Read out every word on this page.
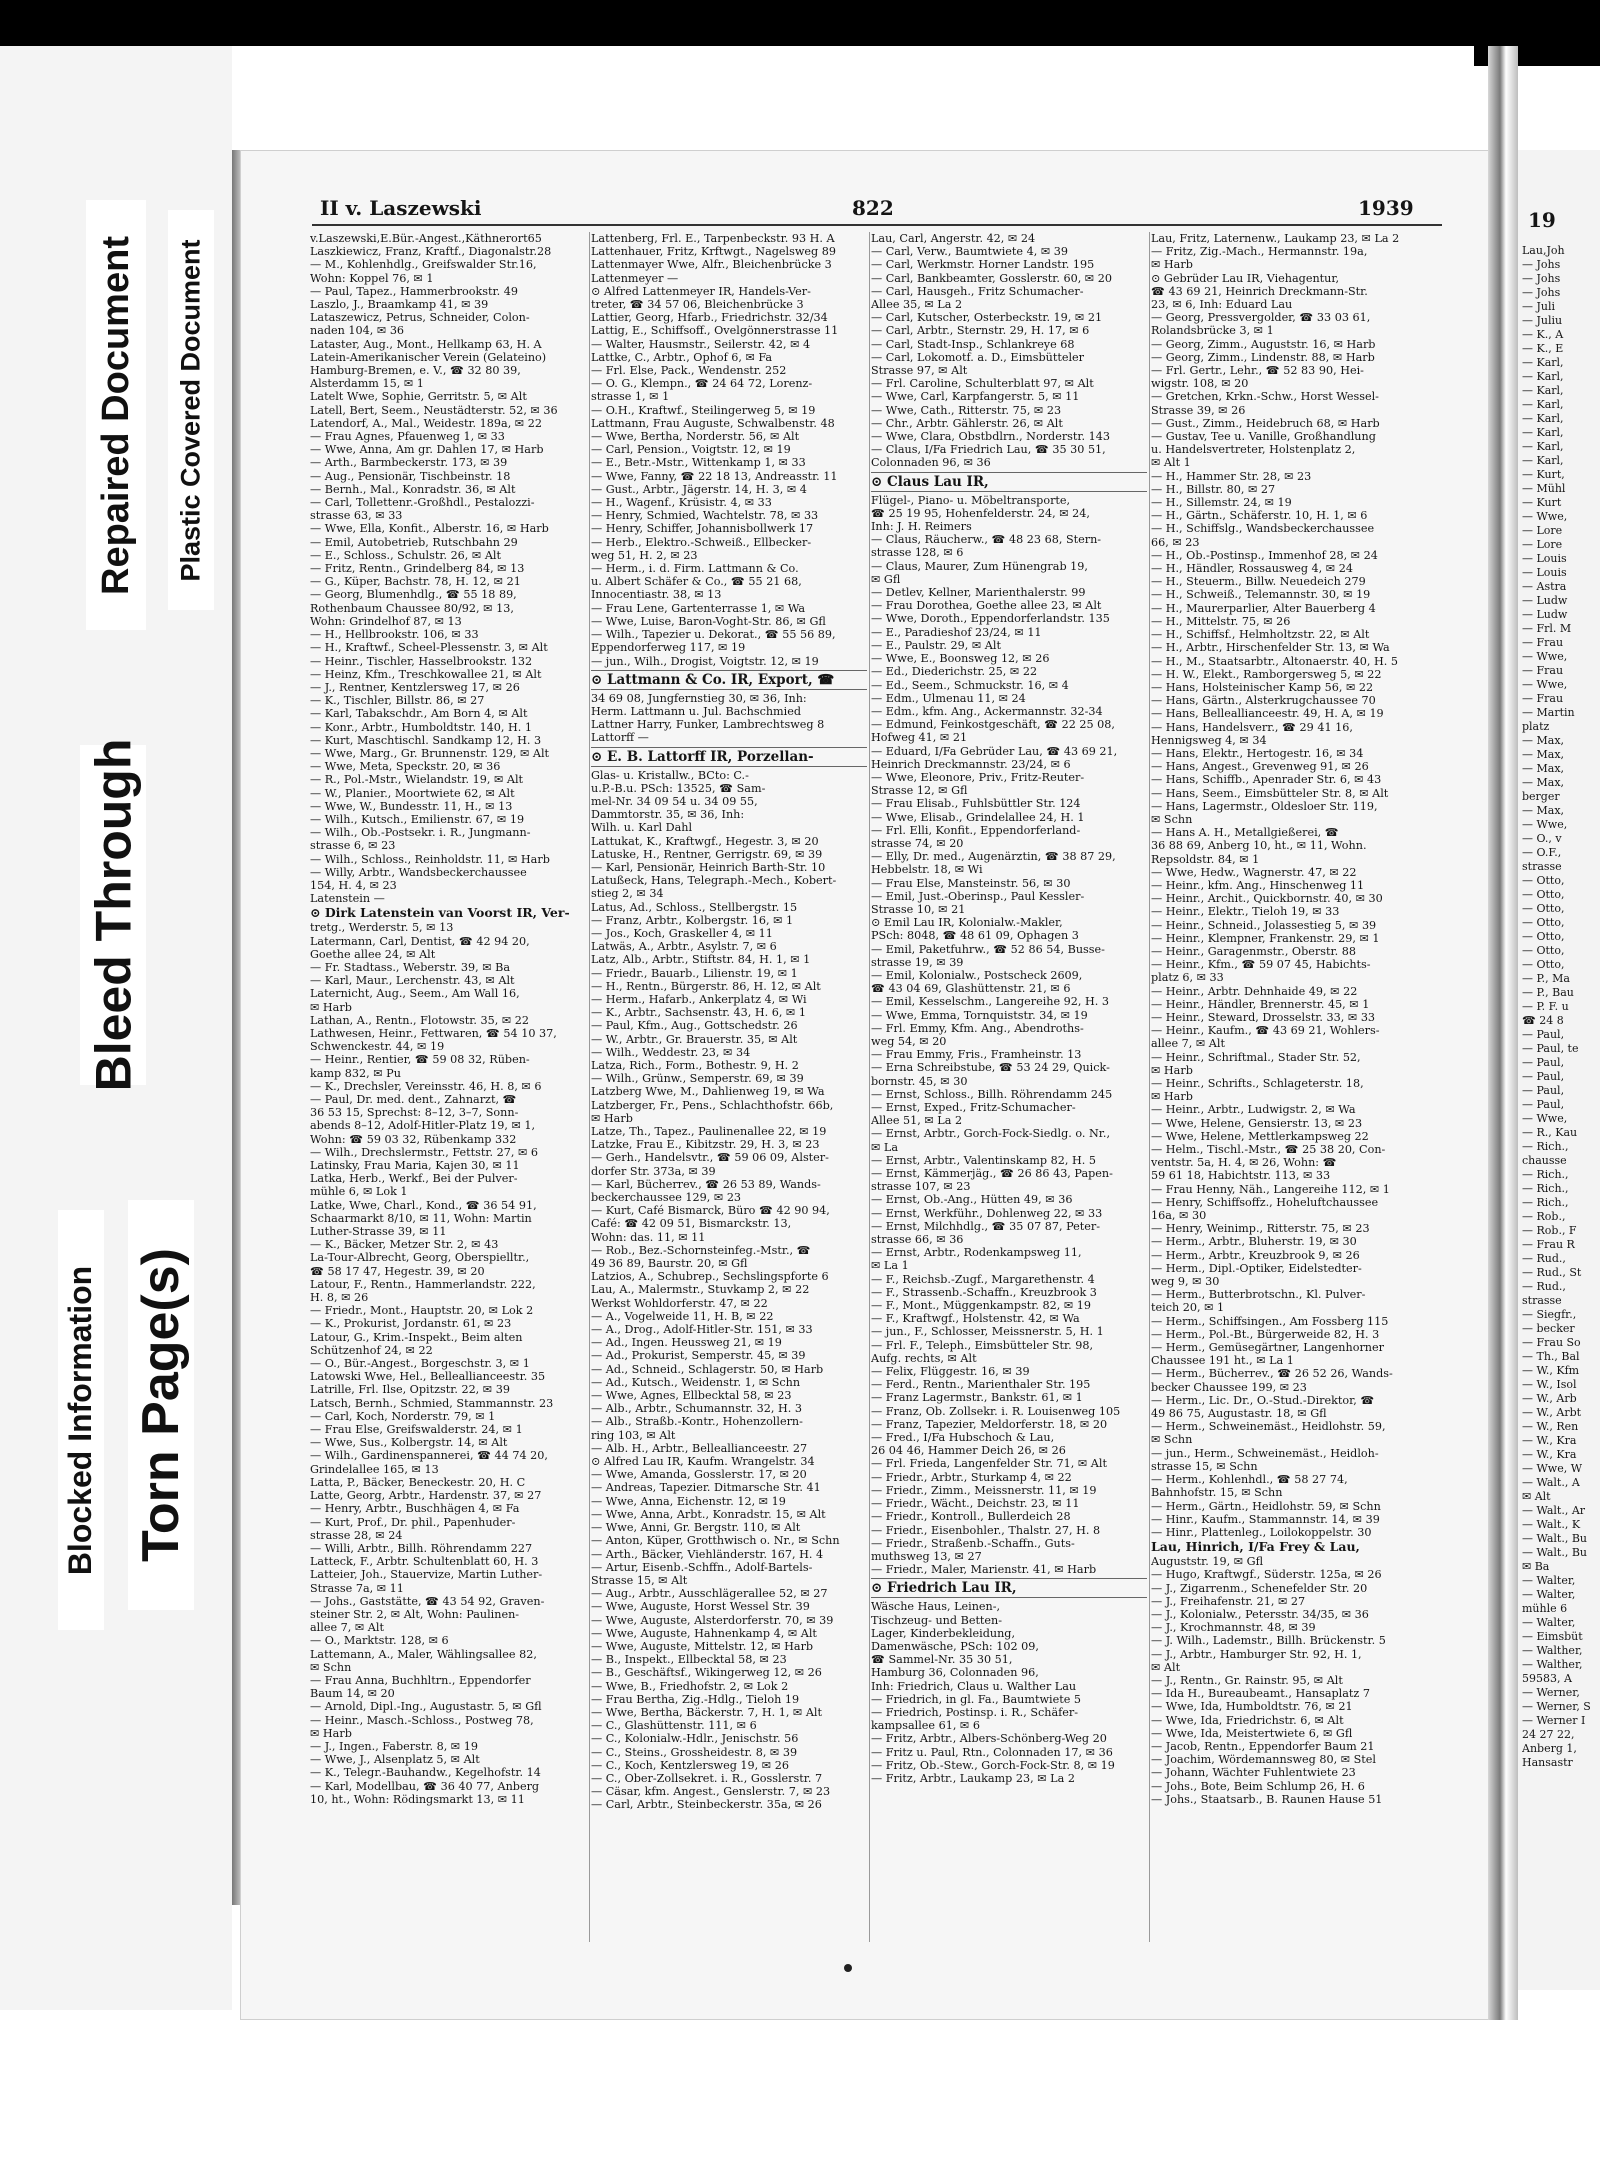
Repaired Document Plastic Covered Document
Bleed Through
Blocked Information Torn Page(s)
II v. Laszewski	822	1939
v.Laszewski,E.Bür.-Angest.,Käthnerort65
Laszkiewicz, Franz, Kraftf., Diagonalstr.28
— M., Kohlenhdlg., Greifswalder Str.16,
Wohn: Koppel 76, ✉ 1
— Paul, Tapez., Hammerbrookstr. 49
Laszlo, J., Braamkamp 41, ✉ 39
Lataszewicz, Petrus, Schneider, Colon-
naden 104, ✉ 36
Lataster, Aug., Mont., Hellkamp 63, H. A
Latein-Amerikanischer Verein (Gelateino)
Hamburg-Bremen, e. V., ☎ 32 80 39,
Alsterdamm 15, ✉ 1
Latelt Wwe, Sophie, Gerritstr. 5, ✉ Alt
Latell, Bert, Seem., Neustädterstr. 52, ✉ 36
Latendorf, A., Mal., Weidestr. 189a, ✉ 22
— Frau Agnes, Pfauenweg 1, ✉ 33
— Wwe, Anna, Am gr. Dahlen 17, ✉ Harb
— Arth., Barmbeckerstr. 173, ✉ 39
— Aug., Pensionär, Tischbeinstr. 18
— Bernh., Mal., Konradstr. 36, ✉ Alt
— Carl, Tollettenr.-Großhdl., Pestalozzi-
strasse 63, ✉ 33
— Wwe, Ella, Konfit., Alberstr. 16, ✉ Harb
— Emil, Autobetrieb, Rutschbahn 29
— E., Schloss., Schulstr. 26, ✉ Alt
— Fritz, Rentn., Grindelberg 84, ✉ 13
— G., Küper, Bachstr. 78, H. 12, ✉ 21
— Georg, Blumenhdlg., ☎ 55 18 89,
Rothenbaum Chaussee 80/92, ✉ 13,
Wohn: Grindelhof 87, ✉ 13
— H., Hellbrookstr. 106, ✉ 33
— H., Kraftwf., Scheel-Plessenstr. 3, ✉ Alt
— Heinr., Tischler, Hasselbrookstr. 132
— Heinz, Kfm., Treschkowallee 21, ✉ Alt
— J., Rentner, Kentzlersweg 17, ✉ 26
— K., Tischler, Billstr. 86, ✉ 27
— Karl, Tabakschdr., Am Born 4, ✉ Alt
— Konr., Arbtr., Humboldtstr. 140, H. 1
— Kurt, Maschtischl. Sandkamp 12, H. 3
— Wwe, Marg., Gr. Brunnenstr. 129, ✉ Alt
— Wwe, Meta, Speckstr. 20, ✉ 36
— R., Pol.-Mstr., Wielandstr. 19, ✉ Alt
— W., Planier., Moortwiete 62, ✉ Alt
— Wwe, W., Bundesstr. 11, H., ✉ 13
— Wilh., Kutsch., Emilienstr. 67, ✉ 19
— Wilh., Ob.-Postsekr. i. R., Jungmann-
strasse 6, ✉ 23
— Wilh., Schloss., Reinholdstr. 11, ✉ Harb
— Willy, Arbtr., Wandsbeckerchaussee
154, H. 4, ✉ 23
Latenstein —
⊙ Dirk Latenstein van Voorst IR, Ver-
tretg., Werderstr. 5, ✉ 13
Latermann, Carl, Dentist, ☎ 42 94 20,
Goethe allee 24, ✉ Alt
— Fr. Stadtass., Weberstr. 39, ✉ Ba
— Karl, Maur., Lerchenstr. 43, ✉ Alt
Laternicht, Aug., Seem., Am Wall 16,
✉ Harb
Lathan, A., Rentn., Flotowstr. 35, ✉ 22
Lathwesen, Heinr., Fettwaren, ☎ 54 10 37,
Schwenckestr. 44, ✉ 19
— Heinr., Rentier, ☎ 59 08 32, Rüben-
kamp 832, ✉ Pu
— K., Drechsler, Vereinsstr. 46, H. 8, ✉ 6
— Paul, Dr. med. dent., Zahnarzt, ☎
36 53 15, Sprechst: 8–12, 3–7, Sonn-
abends 8–12, Adolf-Hitler-Platz 19, ✉ 1,
Wohn: ☎ 59 03 32, Rübenkamp 332
— Wilh., Drechslermstr., Fettstr. 27, ✉ 6
Latinsky, Frau Maria, Kajen 30, ✉ 11
Latka, Herb., Werkf., Bei der Pulver-
mühle 6, ✉ Lok 1
Latke, Wwe, Charl., Kond., ☎ 36 54 91,
Schaarmarkt 8/10, ✉ 11, Wohn: Martin
Luther-Strasse 39, ✉ 11
— K., Bäcker, Metzer Str. 2, ✉ 43
La-Tour-Albrecht, Georg, Oberspielltr.,
☎ 58 17 47, Hegestr. 39, ✉ 20
Latour, F., Rentn., Hammerlandstr. 222,
H. 8, ✉ 26
— Friedr., Mont., Hauptstr. 20, ✉ Lok 2
— K., Prokurist, Jordanstr. 61, ✉ 23
Latour, G., Krim.-Inspekt., Beim alten
Schützenhof 24, ✉ 22
— O., Bür.-Angest., Borgeschstr. 3, ✉ 1
Latowski Wwe, Hel., Belleallianceestr. 35
Latrille, Frl. Ilse, Opitzstr. 22, ✉ 39
Latsch, Bernh., Schmied, Stammannstr. 23
— Carl, Koch, Norderstr. 79, ✉ 1
— Frau Else, Greifswalderstr. 24, ✉ 1
— Wwe, Sus., Kolbergstr. 14, ✉ Alt
— Wilh., Gardinenspannerei, ☎ 44 74 20,
Grindelallee 165, ✉ 13
Latta, P., Bäcker, Beneckestr. 20, H. C
Latte, Georg, Arbtr., Hardenstr. 37, ✉ 27
— Henry, Arbtr., Buschhägen 4, ✉ Fa
— Kurt, Prof., Dr. phil., Papenhuder-
strasse 28, ✉ 24
— Willi, Arbtr., Billh. Röhrendamm 227
Latteck, F., Arbtr. Schultenblatt 60, H. 3
Latteier, Joh., Stauervize, Martin Luther-
Strasse 7a, ✉ 11
— Johs., Gaststätte, ☎ 43 54 92, Graven-
steiner Str. 2, ✉ Alt, Wohn: Paulinen-
allee 7, ✉ Alt
— O., Marktstr. 128, ✉ 6
Lattemann, A., Maler, Wählingsallee 82,
✉ Schn
— Frau Anna, Buchhltrn., Eppendorfer
Baum 14, ✉ 20
— Arnold, Dipl.-Ing., Augustastr. 5, ✉ Gfl
— Heinr., Masch.-Schloss., Postweg 78,
✉ Harb
— J., Ingen., Faberstr. 8, ✉ 19
— Wwe, J., Alsenplatz 5, ✉ Alt
— K., Telegr.-Bauhandw., Kegelhofstr. 14
— Karl, Modellbau, ☎ 36 40 77, Anberg
10, ht., Wohn: Rödingsmarkt 13, ✉ 11
Lattenberg, Frl. E., Tarpenbeckstr. 93 H. A
Lattenhauer, Fritz, Krftwgt., Nagelsweg 89
Lattenmayer Wwe, Alfr., Bleichenbrücke 3
Lattenmeyer —
⊙ Alfred Lattenmeyer IR, Handels-Ver-
treter, ☎ 34 57 06, Bleichenbrücke 3
Lattier, Georg, Hfarb., Friedrichstr. 32/34
Lattig, E., Schiffsoff., Ovelgönnerstrasse 11
— Walter, Hausmstr., Seilerstr. 42, ✉ 4
Lattke, C., Arbtr., Ophof 6, ✉ Fa
— Frl. Else, Pack., Wendenstr. 252
— O. G., Klempn., ☎ 24 64 72, Lorenz-
strasse 1, ✉ 1
— O.H., Kraftwf., Steilingerweg 5, ✉ 19
Lattmann, Frau Auguste, Schwalbenstr. 48
— Wwe, Bertha, Norderstr. 56, ✉ Alt
— Carl, Pension., Voigtstr. 12, ✉ 19
— E., Betr.-Mstr., Wittenkamp 1, ✉ 33
— Wwe, Fanny, ☎ 22 18 13, Andreasstr. 11
— Gust., Arbtr., Jägerstr. 14, H. 3, ✉ 4
— H., Wagenf., Krüsistr. 4, ✉ 33
— Henry, Schmied, Wachtelstr. 78, ✉ 33
— Henry, Schiffer, Johannisbollwerk 17
— Herb., Elektro.-Schweiß., Ellbecker-
weg 51, H. 2, ✉ 23
— Herm., i. d. Firm. Lattmann & Co.
u. Albert Schäfer & Co., ☎ 55 21 68,
Innocentiastr. 38, ✉ 13
— Frau Lene, Gartenterrasse 1, ✉ Wa
— Wwe, Luise, Baron-Voght-Str. 86, ✉ Gfl
— Wilh., Tapezier u. Dekorat., ☎ 55 56 89,
Eppendorferweg 117, ✉ 19
— jun., Wilh., Drogist, Voigtstr. 12, ✉ 19
⊙ Lattmann & Co. IR, Export, ☎
34 69 08, Jungfernstieg 30, ✉ 36, Inh:
Herm. Lattmann u. Jul. Bachschmied
Lattner Harry, Funker, Lambrechtsweg 8
Lattorff —
⊙ E. B. Lattorff IR, Porzellan-
Glas- u. Kristallw., BCto: C.-
u.P.-B.u. PSch: 13525, ☎ Sam-
mel-Nr. 34 09 54 u. 34 09 55,
Dammtorstr. 35, ✉ 36, Inh:
Wilh. u. Karl Dahl
Lattukat, K., Kraftwgf., Hegestr. 3, ✉ 20
Latuske, H., Rentner, Gerrigstr. 69, ✉ 39
— Karl, Pensionär, Heinrich Barth-Str. 10
Latußeck, Hans, Telegraph.-Mech., Kobert-
stieg 2, ✉ 34
Latus, Ad., Schloss., Stellbergstr. 15
— Franz, Arbtr., Kolbergstr. 16, ✉ 1
— Jos., Koch, Graskeller 4, ✉ 11
Latwäs, A., Arbtr., Asylstr. 7, ✉ 6
Latz, Alb., Arbtr., Stiftstr. 84, H. 1, ✉ 1
— Friedr., Bauarb., Lilienstr. 19, ✉ 1
— H., Rentn., Bürgerstr. 86, H. 12, ✉ Alt
— Herm., Hafarb., Ankerplatz 4, ✉ Wi
— K., Arbtr., Sachsenstr. 43, H. 6, ✉ 1
— Paul, Kfm., Aug., Gottschedstr. 26
— W., Arbtr., Gr. Brauerstr. 35, ✉ Alt
— Wilh., Weddestr. 23, ✉ 34
Latza, Rich., Form., Bothestr. 9, H. 2
— Wilh., Grünw., Semperstr. 69, ✉ 39
Latzberg Wwe, M., Dahlienweg 19, ✉ Wa
Latzberger, Fr., Pens., Schlachthofstr. 66b,
✉ Harb
Latze, Th., Tapez., Paulinenallee 22, ✉ 19
Latzke, Frau E., Kibitzstr. 29, H. 3, ✉ 23
— Gerh., Handelsvtr., ☎ 59 06 09, Alster-
dorfer Str. 373a, ✉ 39
— Karl, Bücherrev., ☎ 26 53 89, Wands-
beckerchaussee 129, ✉ 23
— Kurt, Café Bismarck, Büro ☎ 42 90 94,
Café: ☎ 42 09 51, Bismarckstr. 13,
Wohn: das. 11, ✉ 11
— Rob., Bez.-Schornsteinfeg.-Mstr., ☎
49 36 89, Baurstr. 20, ✉ Gfl
Latzios, A., Schubrep., Sechslingspforte 6
Lau, A., Malermstr., Stuvkamp 2, ✉ 22
Werkst Wohldorferstr. 47, ✉ 22
— A., Vogelweide 11, H. B, ✉ 22
— A., Drog., Adolf-Hitler-Str. 151, ✉ 33
— Ad., Ingen. Heussweg 21, ✉ 19
— Ad., Prokurist, Semperstr. 45, ✉ 39
— Ad., Schneid., Schlagerstr. 50, ✉ Harb
— Ad., Kutsch., Weidenstr. 1, ✉ Schn
— Wwe, Agnes, Ellbecktal 58, ✉ 23
— Alb., Arbtr., Schumannstr. 32, H. 3
— Alb., Straßb.-Kontr., Hohenzollern-
ring 103, ✉ Alt
— Alb. H., Arbtr., Belleallianceestr. 27
⊙ Alfred Lau IR, Kaufm. Wrangelstr. 34
— Wwe, Amanda, Gosslerstr. 17, ✉ 20
— Andreas, Tapezier. Ditmarsche Str. 41
— Wwe, Anna, Eichenstr. 12, ✉ 19
— Wwe, Anna, Arbt., Konradstr. 15, ✉ Alt
— Wwe, Anni, Gr. Bergstr. 110, ✉ Alt
— Anton, Küper, Grotthwisch o. Nr., ✉ Schn
— Arth., Bäcker, Viehländerstr. 167, H. 4
— Artur, Eisenb.-Schffn., Adolf-Bartels-
Strasse 15, ✉ Alt
— Aug., Arbtr., Ausschlägerallee 52, ✉ 27
— Wwe, Auguste, Horst Wessel Str. 39
— Wwe, Auguste, Alsterdorferstr. 70, ✉ 39
— Wwe, Auguste, Hahnenkamp 4, ✉ Alt
— Wwe, Auguste, Mittelstr. 12, ✉ Harb
— B., Inspekt., Ellbecktal 58, ✉ 23
— B., Geschäftsf., Wikingerweg 12, ✉ 26
— Wwe, B., Friedhofstr. 2, ✉ Lok 2
— Frau Bertha, Zig.-Hdlg., Tieloh 19
— Wwe, Bertha, Bäckerstr. 7, H. 1, ✉ Alt
— C., Glashüttenstr. 111, ✉ 6
— C., Kolonialw.-Hdlr., Jenischstr. 56
— C., Steins., Grossheidestr. 8, ✉ 39
— C., Koch, Kentzlersweg 19, ✉ 26
— C., Ober-Zollsekret. i. R., Gosslerstr. 7
— Cäsar, kfm. Angest., Genslerstr. 7, ✉ 23
— Carl, Arbtr., Steinbeckerstr. 35a, ✉ 26
Lau, Carl, Angerstr. 42, ✉ 24
— Carl, Verw., Baumtwiete 4, ✉ 39
— Carl, Werkmstr. Horner Landstr. 195
— Carl, Bankbeamter, Gosslerstr. 60, ✉ 20
— Carl, Hausgeh., Fritz Schumacher-
Allee 35, ✉ La 2
— Carl, Kutscher, Osterbeckstr. 19, ✉ 21
— Carl, Arbtr., Sternstr. 29, H. 17, ✉ 6
— Carl, Stadt-Insp., Schlankreye 68
— Carl, Lokomotf. a. D., Eimsbütteler
Strasse 97, ✉ Alt
— Frl. Caroline, Schulterblatt 97, ✉ Alt
— Wwe, Carl, Karpfangerstr. 5, ✉ 11
— Wwe, Cath., Ritterstr. 75, ✉ 23
— Chr., Arbtr. Gählerstr. 26, ✉ Alt
— Wwe, Clara, Obstbdlrn., Norderstr. 143
— Claus, I/Fa Friedrich Lau, ☎ 35 30 51,
Colonnaden 96, ✉ 36
⊙ Claus Lau IR,
Flügel-, Piano- u. Möbeltransporte,
☎ 25 19 95, Hohenfelderstr. 24, ✉ 24,
Inh: J. H. Reimers
— Claus, Räucherw., ☎ 48 23 68, Stern-
strasse 128, ✉ 6
— Claus, Maurer, Zum Hünengrab 19,
✉ Gfl
— Detlev, Kellner, Marienthalerstr. 99
— Frau Dorothea, Goethe allee 23, ✉ Alt
— Wwe, Doroth., Eppendorferlandstr. 135
— E., Paradieshof 23/24, ✉ 11
— E., Paulstr. 29, ✉ Alt
— Wwe, E., Boonsweg 12, ✉ 26
— Ed., Diederichstr. 25, ✉ 22
— Ed., Seem., Schmuckstr. 16, ✉ 4
— Edm., Ulmenau 11, ✉ 24
— Edm., kfm. Ang., Ackermannstr. 32-34
— Edmund, Feinkostgeschäft, ☎ 22 25 08,
Hofweg 41, ✉ 21
— Eduard, I/Fa Gebrüder Lau, ☎ 43 69 21,
Heinrich Dreckmannstr. 23/24, ✉ 6
— Wwe, Eleonore, Priv., Fritz-Reuter-
Strasse 12, ✉ Gfl
— Frau Elisab., Fuhlsbüttler Str. 124
— Wwe, Elisab., Grindelallee 24, H. 1
— Frl. Elli, Konfit., Eppendorferland-
strasse 74, ✉ 20
— Elly, Dr. med., Augenärztin, ☎ 38 87 29,
Hebbelstr. 18, ✉ Wi
— Frau Else, Mansteinstr. 56, ✉ 30
— Emil, Just.-Oberinsp., Paul Kessler-
Strasse 10, ✉ 21
⊙ Emil Lau IR, Kolonialw.-Makler,
PSch: 8048, ☎ 48 61 09, Ophagen 3
— Emil, Paketfuhrw., ☎ 52 86 54, Busse-
strasse 19, ✉ 39
— Emil, Kolonialw., Postscheck 2609,
☎ 43 04 69, Glashüttenstr. 21, ✉ 6
— Emil, Kesselschm., Langereihe 92, H. 3
— Wwe, Emma, Tornquiststr. 34, ✉ 19
— Frl. Emmy, Kfm. Ang., Abendroths-
weg 54, ✉ 20
— Frau Emmy, Fris., Framheinstr. 13
— Erna Schreibstube, ☎ 53 24 29, Quick-
bornstr. 45, ✉ 30
— Ernst, Schloss., Billh. Röhrendamm 245
— Ernst, Exped., Fritz-Schumacher-
Allee 51, ✉ La 2
— Ernst, Arbtr., Gorch-Fock-Siedlg. o. Nr.,
✉ La
— Ernst, Arbtr., Valentinskamp 82, H. 5
— Ernst, Kämmerjäg., ☎ 26 86 43, Papen-
strasse 107, ✉ 23
— Ernst, Ob.-Ang., Hütten 49, ✉ 36
— Ernst, Werkführ., Dohlenweg 22, ✉ 33
— Ernst, Milchhdlg., ☎ 35 07 87, Peter-
strasse 66, ✉ 36
— Ernst, Arbtr., Rodenkampsweg 11,
✉ La 1
— F., Reichsb.-Zugf., Margarethenstr. 4
— F., Strassenb.-Schaffn., Kreuzbrook 3
— F., Mont., Müggenkampstr. 82, ✉ 19
— F., Kraftwgf., Holstenstr. 42, ✉ Wa
— jun., F., Schlosser, Meissnerstr. 5, H. 1
— Frl. F., Teleph., Eimsbütteler Str. 98,
Aufg. rechts, ✉ Alt
— Felix, Flüggestr. 16, ✉ 39
— Ferd., Rentn., Marienthaler Str. 195
— Franz Lagermstr., Bankstr. 61, ✉ 1
— Franz, Ob. Zollsekr. i. R. Louisenweg 105
— Franz, Tapezier, Meldorferstr. 18, ✉ 20
— Fred., I/Fa Hubschoch & Lau,
26 04 46, Hammer Deich 26, ✉ 26
— Frl. Frieda, Langenfelder Str. 71, ✉ Alt
— Friedr., Arbtr., Sturkamp 4, ✉ 22
— Friedr., Zimm., Meissnerstr. 11, ✉ 19
— Friedr., Wächt., Deichstr. 23, ✉ 11
— Friedr., Kontroll., Bullerdeich 28
— Friedr., Eisenbohler., Thalstr. 27, H. 8
— Friedr., Straßenb.-Schaffn., Guts-
muthsweg 13, ✉ 27
— Friedr., Maler, Marienstr. 41, ✉ Harb
⊙ Friedrich Lau IR,
Wäsche Haus, Leinen-,
Tischzeug- und Betten-
Lager, Kinderbekleidung,
Damenwäsche, PSch: 102 09,
☎ Sammel-Nr. 35 30 51,
Hamburg 36, Colonnaden 96,
Inh: Friedrich, Claus u. Walther Lau
— Friedrich, in gl. Fa., Baumtwiete 5
— Friedrich, Postinsp. i. R., Schäfer-
kampsallee 61, ✉ 6
— Fritz, Arbtr., Albers-Schönberg-Weg 20
— Fritz u. Paul, Rtn., Colonnaden 17, ✉ 36
— Fritz, Ob.-Stew., Gorch-Fock-Str. 8, ✉ 19
— Fritz, Arbtr., Laukamp 23, ✉ La 2
Lau, Fritz, Laternenw., Laukamp 23, ✉ La 2
— Fritz, Zig.-Mach., Hermannstr. 19a,
✉ Harb
⊙ Gebrüder Lau IR, Viehagentur,
☎ 43 69 21, Heinrich Dreckmann-Str.
23, ✉ 6, Inh: Eduard Lau
— Georg, Pressvergolder, ☎ 33 03 61,
Rolandsbrücke 3, ✉ 1
— Georg, Zimm., Auguststr. 16, ✉ Harb
— Georg, Zimm., Lindenstr. 88, ✉ Harb
— Frl. Gertr., Lehr., ☎ 52 83 90, Hei-
wigstr. 108, ✉ 20
— Gretchen, Krkn.-Schw., Horst Wessel-
Strasse 39, ✉ 26
— Gust., Zimm., Heidebruch 68, ✉ Harb
— Gustav, Tee u. Vanille, Großhandlung
u. Handelsvertreter, Holstenplatz 2,
✉ Alt 1
— H., Hammer Str. 28, ✉ 23
— H., Billstr. 80, ✉ 27
— H., Sillemstr. 24, ✉ 19
— H., Gärtn., Schäferstr. 10, H. 1, ✉ 6
— H., Schiffslg., Wandsbeckerchaussee
66, ✉ 23
— H., Ob.-Postinsp., Immenhof 28, ✉ 24
— H., Händler, Rossausweg 4, ✉ 24
— H., Steuerm., Billw. Neuedeich 279
— H., Schweiß., Telemannstr. 30, ✉ 19
— H., Maurerparlier, Alter Bauerberg 4
— H., Mittelstr. 75, ✉ 26
— H., Schiffsf., Helmholtzstr. 22, ✉ Alt
— H., Arbtr., Hirschenfelder Str. 13, ✉ Wa
— H., M., Staatsarbtr., Altonaerstr. 40, H. 5
— H. W., Elekt., Ramborgersweg 5, ✉ 22
— Hans, Holsteinischer Kamp 56, ✉ 22
— Hans, Gärtn., Alsterkrugchaussee 70
— Hans, Belleallianceestr. 49, H. A, ✉ 19
— Hans, Handelsverr., ☎ 29 41 16,
Hennigsweg 4, ✉ 34
— Hans, Elektr., Hertogestr. 16, ✉ 34
— Hans, Angest., Grevenweg 91, ✉ 26
— Hans, Schiffb., Apenrader Str. 6, ✉ 43
— Hans, Seem., Eimsbütteler Str. 8, ✉ Alt
— Hans, Lagermstr., Oldesloer Str. 119,
✉ Schn
— Hans A. H., Metallgießerei, ☎
36 88 69, Anberg 10, ht., ✉ 11, Wohn.
Repsoldstr. 84, ✉ 1
— Wwe, Hedw., Wagnerstr. 47, ✉ 22
— Heinr., kfm. Ang., Hinschenweg 11
— Heinr., Archit., Quickbornstr. 40, ✉ 30
— Heinr., Elektr., Tieloh 19, ✉ 33
— Heinr., Schneid., Jolassestieg 5, ✉ 39
— Heinr., Klempner, Frankenstr. 29, ✉ 1
— Heinr., Garagenmstr., Oberstr. 88
— Heinr., Kfm., ☎ 59 07 45, Habichts-
platz 6, ✉ 33
— Heinr., Arbtr. Dehnhaide 49, ✉ 22
— Heinr., Händler, Brennerstr. 45, ✉ 1
— Heinr., Steward, Drosselstr. 33, ✉ 33
— Heinr., Kaufm., ☎ 43 69 21, Wohlers-
allee 7, ✉ Alt
— Heinr., Schriftmal., Stader Str. 52,
✉ Harb
— Heinr., Schrifts., Schlageterstr. 18,
✉ Harb
— Heinr., Arbtr., Ludwigstr. 2, ✉ Wa
— Wwe, Helene, Gensierstr. 13, ✉ 23
— Wwe, Helene, Mettlerkampsweg 22
— Helm., Tischl.-Mstr., ☎ 25 38 20, Con-
ventstr. 5a, H. 4, ✉ 26, Wohn: ☎
59 61 18, Habichtstr. 113, ✉ 33
— Frau Henny, Näh., Langereihe 112, ✉ 1
— Henry, Schiffsoffz., Hoheluftchaussee
16a, ✉ 30
— Henry, Weinimp., Ritterstr. 75, ✉ 23
— Herm., Arbtr., Bluherstr. 19, ✉ 30
— Herm., Arbtr., Kreuzbrook 9, ✉ 26
— Herm., Dipl.-Optiker, Eidelstedter-
weg 9, ✉ 30
— Herm., Butterbrotschn., Kl. Pulver-
teich 20, ✉ 1
— Herm., Schiffsingen., Am Fossberg 115
— Herm., Pol.-Bt., Bürgerweide 82, H. 3
— Herm., Gemüsegärtner, Langenhorner
Chaussee 191 ht., ✉ La 1
— Herm., Bücherrev., ☎ 26 52 26, Wands-
becker Chaussee 199, ✉ 23
— Herm., Lic. Dr., O.-Stud.-Direktor, ☎
49 86 75, Augustastr. 18, ✉ Gfl
— Herm., Schweinemäst., Heidlohstr. 59,
✉ Schn
— jun., Herm., Schweinemäst., Heidloh-
strasse 15, ✉ Schn
— Herm., Kohlenhdl., ☎ 58 27 74,
Bahnhofstr. 15, ✉ Schn
— Herm., Gärtn., Heidlohstr. 59, ✉ Schn
— Hinr., Kaufm., Stammannstr. 14, ✉ 39
— Hinr., Plattenleg., Loilokoppelstr. 30
Lau, Hinrich, I/Fa Frey & Lau,
Auguststr. 19, ✉ Gfl
— Hugo, Kraftwgf., Süderstr. 125a, ✉ 26
— J., Zigarrenm., Schenefelder Str. 20
— J., Freihafenstr. 21, ✉ 27
— J., Kolonialw., Petersstr. 34/35, ✉ 36
— J., Krochmannstr. 48, ✉ 39
— J. Wilh., Lademstr., Billh. Brückenstr. 5
— J., Arbtr., Hamburger Str. 92, H. 1,
✉ Alt
— J., Rentn., Gr. Rainstr. 95, ✉ Alt
— Ida H., Bureaubeamt., Hansaplatz 7
— Wwe, Ida, Humboldtstr. 76, ✉ 21
— Wwe, Ida, Friedrichstr. 6, ✉ Alt
— Wwe, Ida, Meistertwiete 6, ✉ Gfl
— Jacob, Rentn., Eppendorfer Baum 21
— Joachim, Wördemannsweg 80, ✉ Stel
— Johann, Wächter Fuhlentwiete 23
— Johs., Bote, Beim Schlump 26, H. 6
— Johs., Staatsarb., B. Raunen Hause 51
19
Lau,Joh
— Johs
— Johs
— Johs
— Juli
— Juliu
— K., A
— K., E
— Karl,
— Karl,
— Karl,
— Karl,
— Karl,
— Karl,
— Karl,
— Karl,
— Kurt,
— Mühl
— Kurt
— Wwe,
— Lore
— Lore
— Louis
— Louis
— Astra
— Ludw
— Ludw
— Frl. M
— Frau
— Wwe,
— Frau
— Wwe,
— Frau
— Martin
platz
— Max,
— Max,
— Max,
— Max,
berger
— Max,
— Wwe,
— O., v
— O.F.,
strasse
— Otto,
— Otto,
— Otto,
— Otto,
— Otto,
— Otto,
— Otto,
— P., Ma
— P., Bau
— P. F. u
☎ 24 8
— Paul,
— Paul, te
— Paul,
— Paul,
— Paul,
— Paul,
— Wwe,
— R., Kau
— Rich.,
chausse
— Rich.,
— Rich.,
— Rich.,
— Rob.,
— Rob., F
— Frau R
— Rud.,
— Rud., St
— Rud.,
strasse
— Siegfr.,
— becker
— Frau So
— Th., Bal
— W., Kfm
— W., Isol
— W., Arb
— W., Arbt
— W., Ren
— W., Kra
— W., Kra
— Wwe, W
— Walt., A
✉ Alt
— Walt., Ar
— Walt., K
— Walt., Bu
— Walt., Bu
✉ Ba
— Walter,
— Walter,
mühle 6
— Walter,
— Eimsbüt
— Walther,
— Walther,
59583, A
— Werner,
— Werner, S
— Werner I
24 27 22,
Anberg 1,
Hansastr
